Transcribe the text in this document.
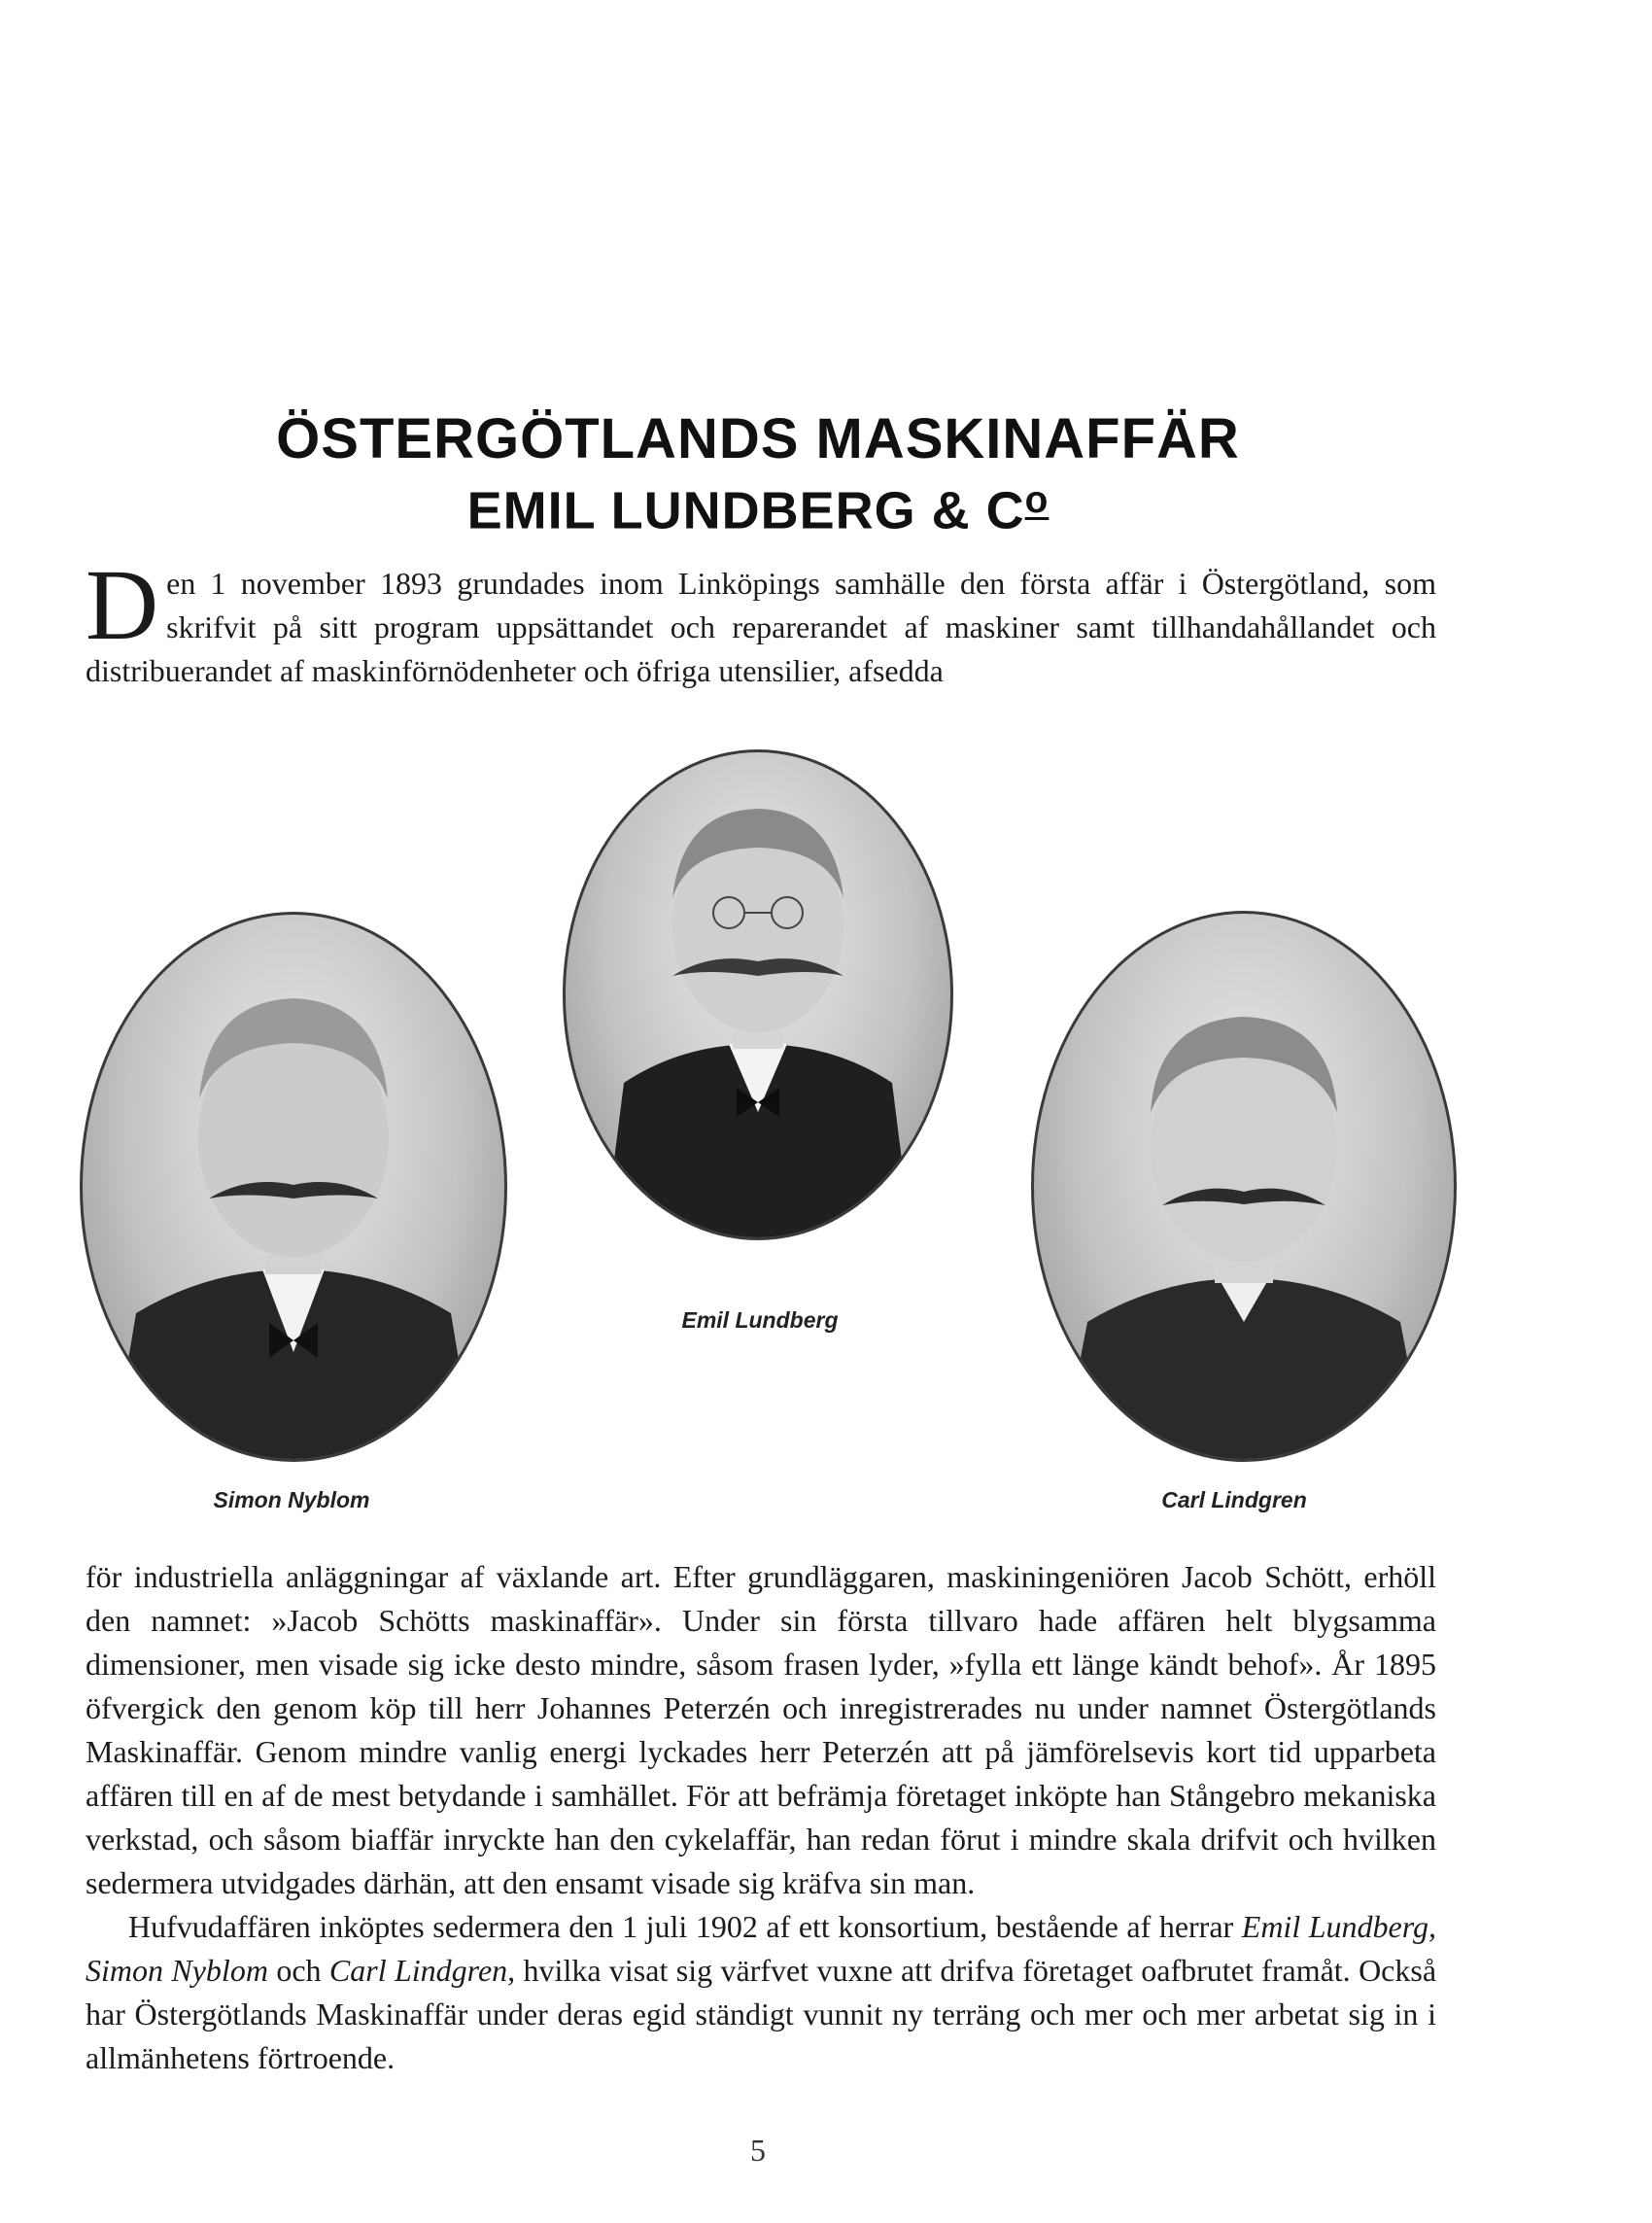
ÖSTERGÖTLANDS MASKINAFFÄR
EMIL LUNDBERG & $C^o$

Den 1 november 1893 grundades inom Linköpings samhälle den första affär i Östergötland, som skrifvit på sitt program uppsättandet och reparerandet af maskiner samt tillhandahållandet och distribuerandet af maskinförnödenheter och öfriga utensilier, afsedda

Emil Lundberg

Simon Nyblom	Carl Lindgren

för industriella anläggningar af växlande art. Efter grundläggaren, maskiningeniören Jacob Schött, erhöll den namnet: »Jacob Schötts maskinaffär». Under sin första tillvaro hade affären helt blygsamma dimensioner, men visade sig icke desto mindre, såsom frasen lyder, »fylla ett länge kändt behof». År 1895 öfvergick den genom köp till herr Johannes Peterzén och inregistrerades nu under namnet Östergötlands Maskinaffär. Genom mindre vanlig energi lyckades herr Peterzén att på jämförelsevis kort tid upparbeta affären till en af de mest betydande i samhället. För att befrämja företaget inköpte han Stångebro mekaniska verkstad, och såsom biaffär inryckte han den cykelaffär, han redan förut i mindre skala drifvit och hvilken sedermera utvidgades därhän, att den ensamt visade sig kräfva sin man.

Hufvudaffären inköptes sedermera den 1 juli 1902 af ett konsortium, bestående af herrar Emil Lundberg, Simon Nyblom och Carl Lindgren, hvilka visat sig värfvet vuxne att drifva företaget oafbrutet framåt. Också har Östergötlands Maskinaffär under deras egid ständigt vunnit ny terräng och mer och mer arbetat sig in i allmänhetens förtroende.

5
